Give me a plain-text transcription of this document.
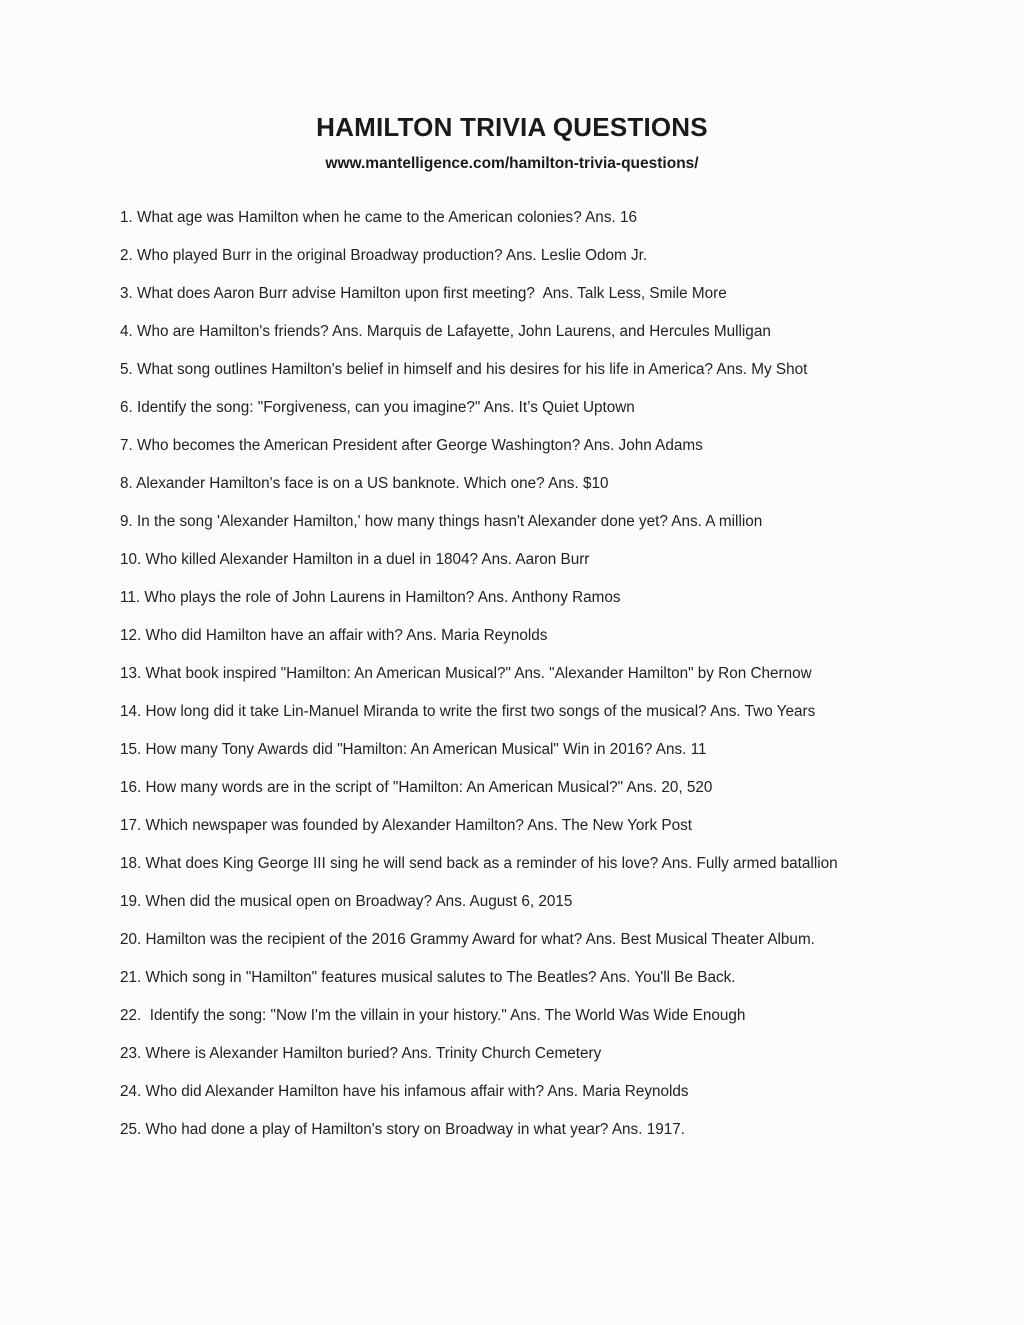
HAMILTON TRIVIA QUESTIONS
www.mantelligence.com/hamilton-trivia-questions/
1. What age was Hamilton when he came to the American colonies? Ans. 16
2. Who played Burr in the original Broadway production? Ans. Leslie Odom Jr.
3. What does Aaron Burr advise Hamilton upon first meeting?  Ans. Talk Less, Smile More
4. Who are Hamilton's friends? Ans. Marquis de Lafayette, John Laurens, and Hercules Mulligan
5. What song outlines Hamilton's belief in himself and his desires for his life in America? Ans. My Shot
6. Identify the song: "Forgiveness, can you imagine?" Ans. It’s Quiet Uptown
7. Who becomes the American President after George Washington? Ans. John Adams
8. Alexander Hamilton's face is on a US banknote. Which one? Ans. $10
9. In the song 'Alexander Hamilton,' how many things hasn't Alexander done yet? Ans. A million
10. Who killed Alexander Hamilton in a duel in 1804? Ans. Aaron Burr
11. Who plays the role of John Laurens in Hamilton? Ans. Anthony Ramos
12. Who did Hamilton have an affair with? Ans. Maria Reynolds
13. What book inspired "Hamilton: An American Musical?" Ans. "Alexander Hamilton" by Ron Chernow
14. How long did it take Lin-Manuel Miranda to write the first two songs of the musical? Ans. Two Years
15. How many Tony Awards did "Hamilton: An American Musical" Win in 2016? Ans. 11
16. How many words are in the script of "Hamilton: An American Musical?" Ans. 20, 520
17. Which newspaper was founded by Alexander Hamilton? Ans. The New York Post
18. What does King George III sing he will send back as a reminder of his love? Ans. Fully armed batallion
19. When did the musical open on Broadway? Ans. August 6, 2015
20. Hamilton was the recipient of the 2016 Grammy Award for what? Ans. Best Musical Theater Album.
21. Which song in "Hamilton" features musical salutes to The Beatles? Ans. You'll Be Back.
22.  Identify the song: "Now I'm the villain in your history." Ans. The World Was Wide Enough
23. Where is Alexander Hamilton buried? Ans. Trinity Church Cemetery
24. Who did Alexander Hamilton have his infamous affair with? Ans. Maria Reynolds
25. Who had done a play of Hamilton's story on Broadway in what year? Ans. 1917.
